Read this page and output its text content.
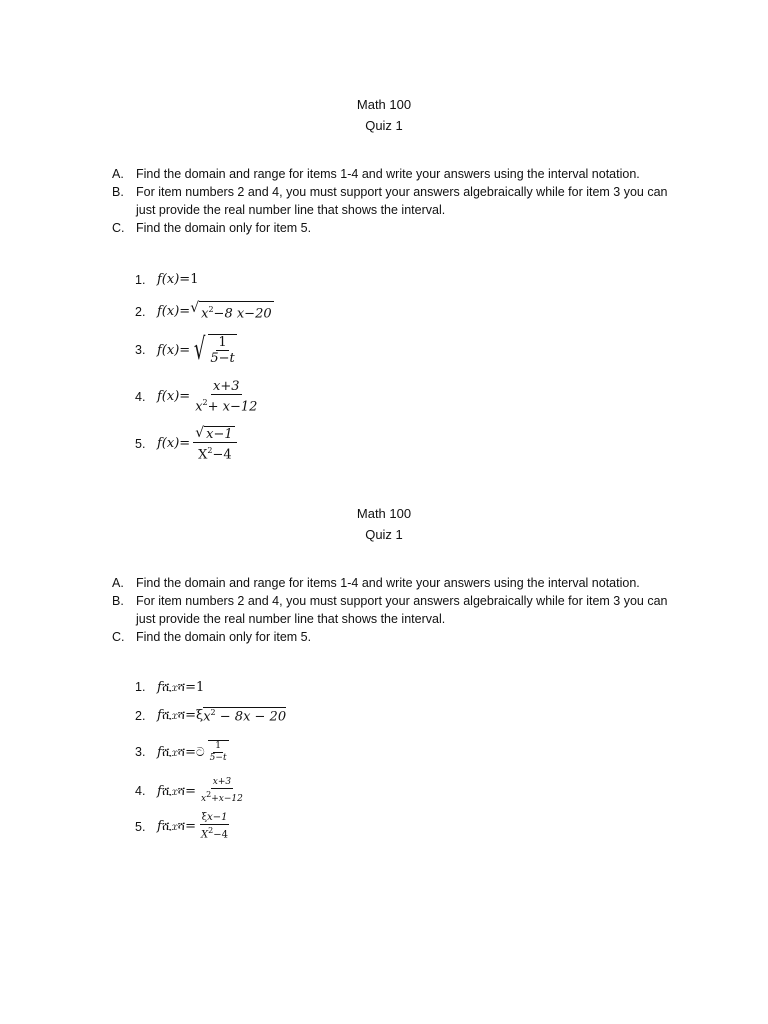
Math 100

Quiz 1

A. Find the domain and range for items 1-4 and write your answers using the interval notation.
B. For item numbers 2 and 4, you must support your answers algebraically while for item 3 you can just provide the real number line that shows the interval.
C. Find the domain only for item 5.
1. f(x)= 1
2. f(x)= √ $x^2-8$ x−20
3. f(x)= √ $\frac{1}{5-t}$
4. $f(x)= \frac{x+3}{x^2+ x-12}$
5. $f(x)= \frac{√ x-1}{X^2-4}$

Math 100

Quiz 1

A. Find the domain and range for items 1-4 and write your answers using the interval notation.
B. For item numbers 2 and 4, you must support your answers algebraically while for item 3 you can just provide the real number line that shows the interval.
C. Find the domain only for item 5.
1. f ሺ𝑥ሻ = 1
2. f ሺ𝑥ሻ = ξ $x^2 - 8x - 20$
3. f ሺ𝑥ሻ = ට $\frac{1}{5-t}$
4. f ሺ𝑥ሻ = $\frac{x+3}{x^2+x-12}$
5. f ሺ𝑥ሻ = $\frac{\xi x-1}{X^2-4}$
